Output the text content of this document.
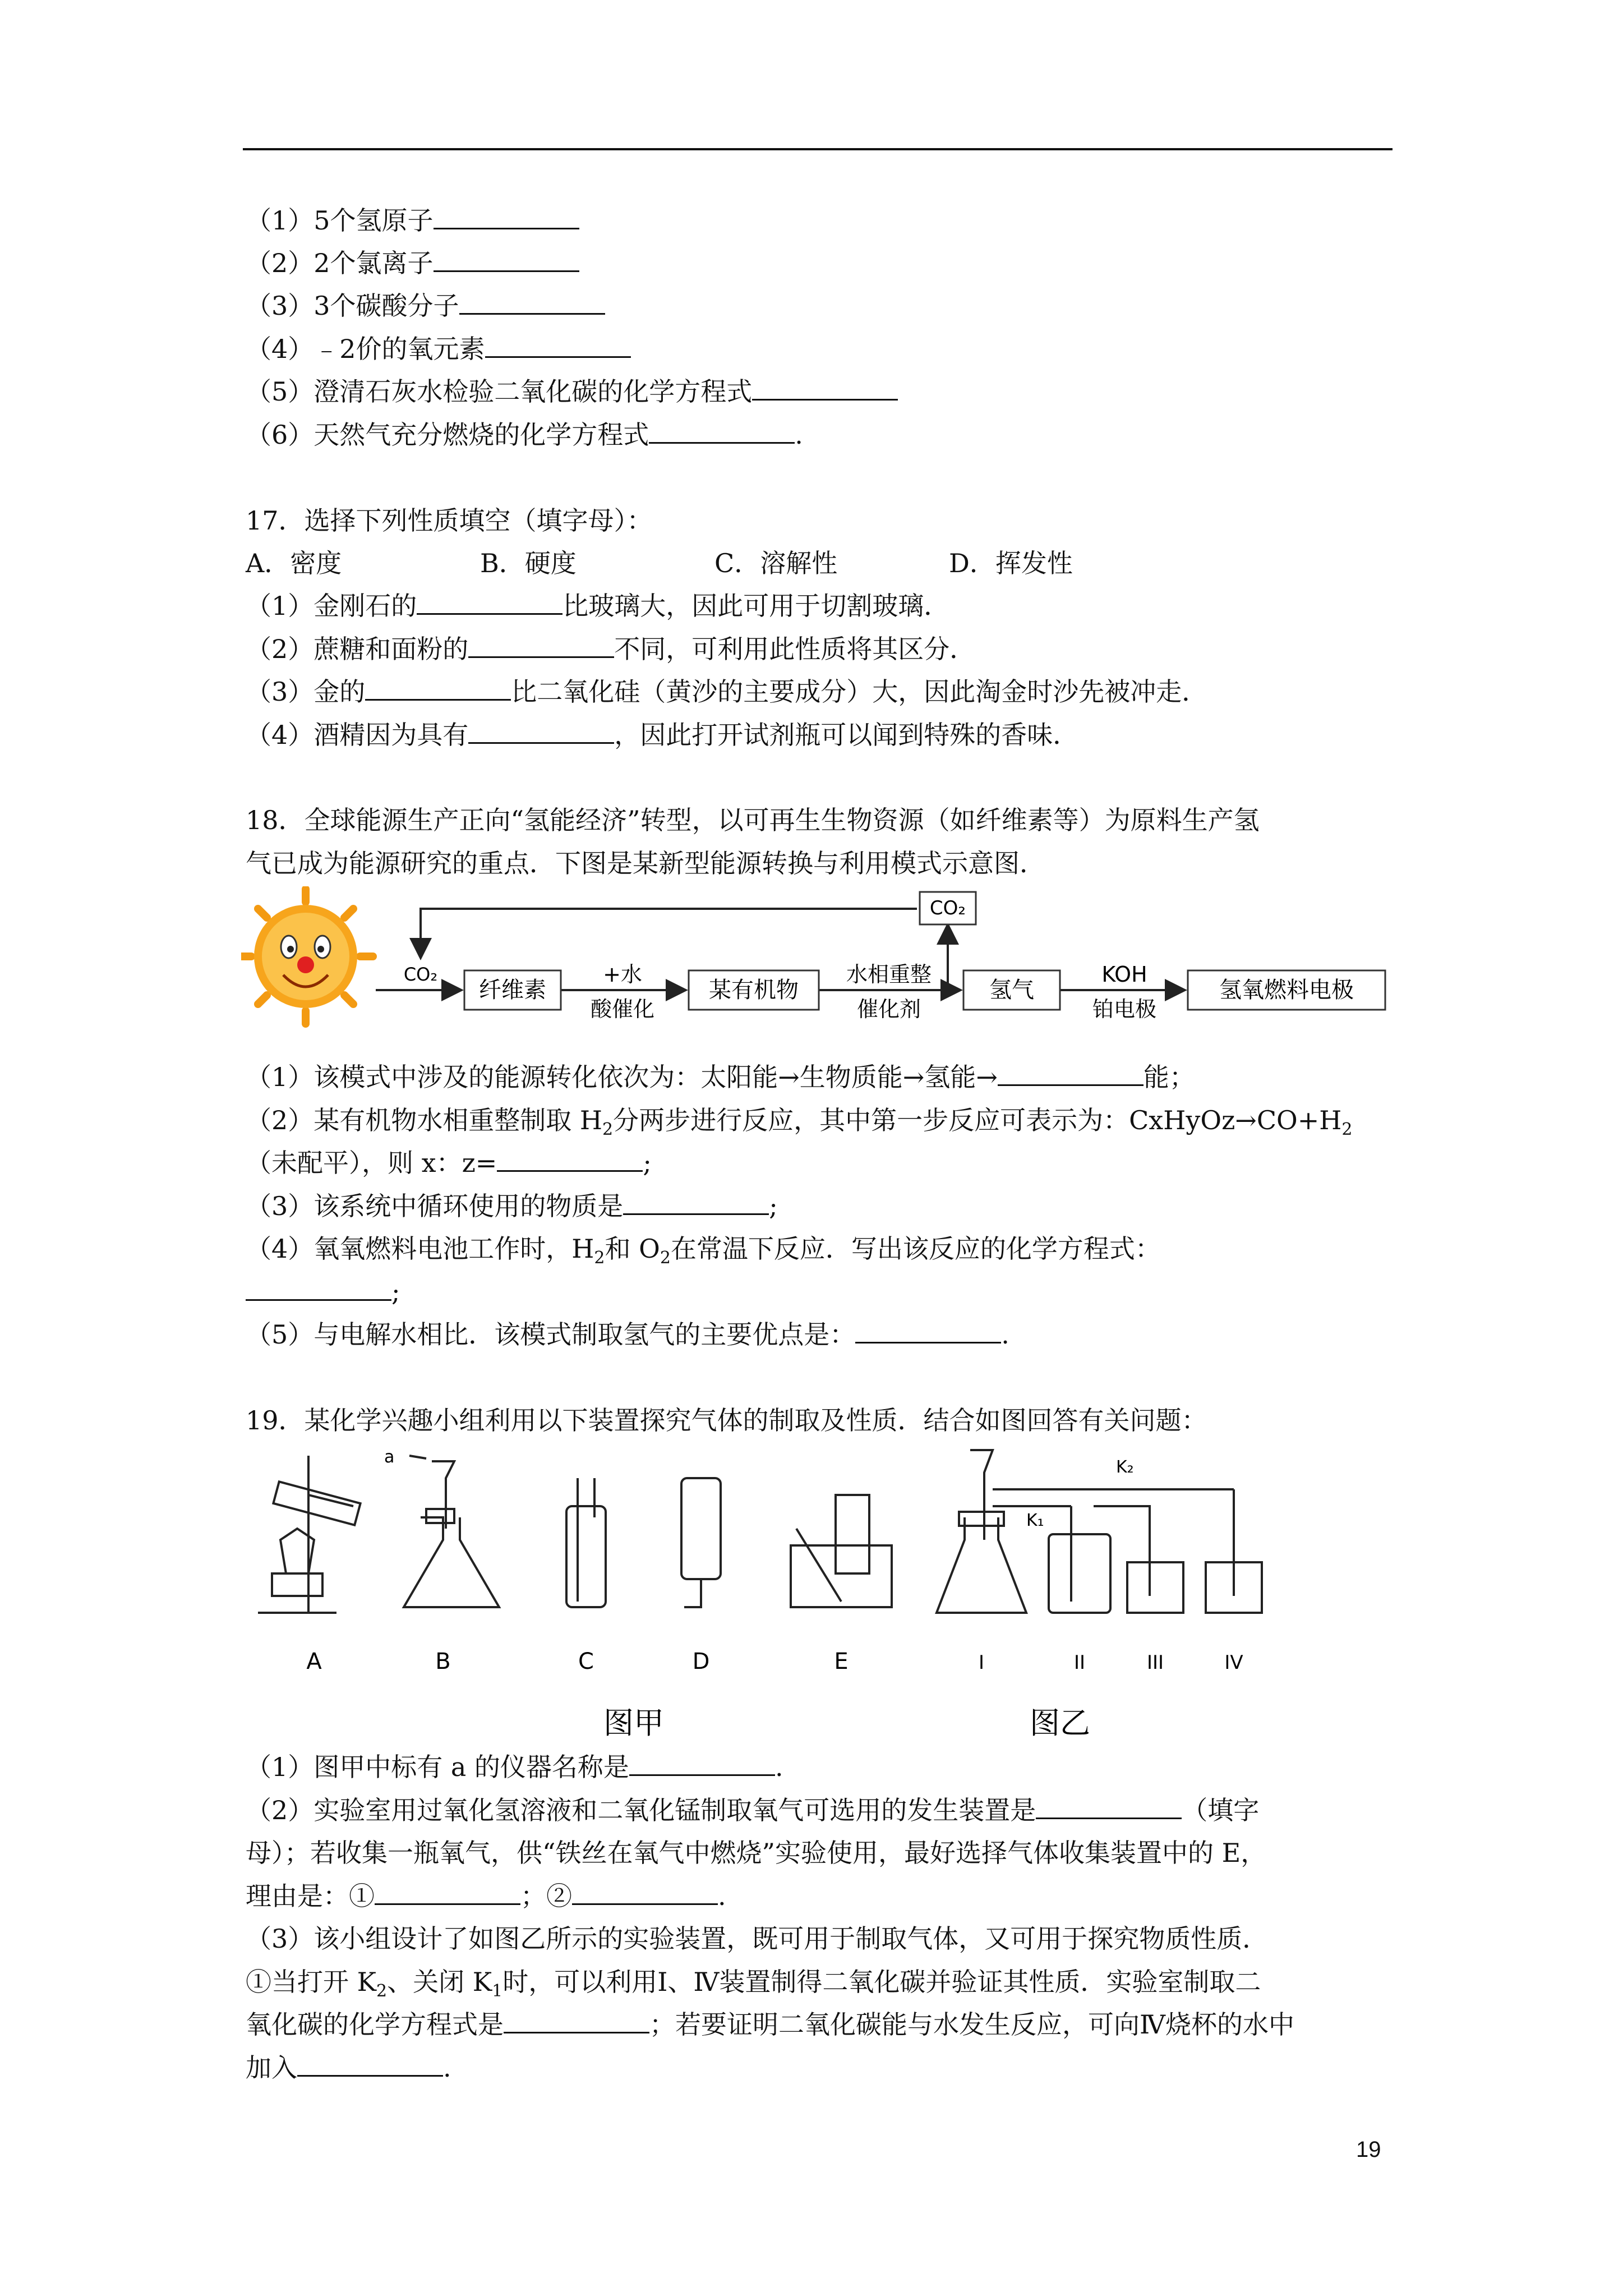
（1）5个氢原子
（2）2个氯离子
（3）3个碳酸分子
（4）﹣2价的氧元素
（5）澄清石灰水检验二氧化碳的化学方程式
（6）天然气充分燃烧的化学方程式	.
17．选择下列性质填空（填字母）：
A．密度	B．硬度	C．溶解性	D．挥发性
（1）金刚石的	比玻璃大，因此可用于切割玻璃．
（2）蔗糖和面粉的	不同，可利用此性质将其区分．
（3）金的	比二氧化硅（黄沙的主要成分）大，因此淘金时沙先被冲走．
（4）酒精因为具有	，因此打开试剂瓶可以闻到特殊的香味．
18．全球能源生产正向“氢能经济”转型，以可再生生物资源（如纤维素等）为原料生产氢
气已成为能源研究的重点．下图是某新型能源转换与利用模式示意图．
CO₂
CO₂
纤维素
+水
酸催化
某有机物
水相重整
催化剂
氢气
KOH
铂电极
氢氧燃料电极
（1）该模式中涉及的能源转化依次为：太阳能→生物质能→氢能→	能；
（2）某有机物水相重整制取 $H_2$分两步进行反应，其中第一步反应可表示为：$CxHyOz\to CO+H_2$
（未配平），则 x：z=	;
（3）该系统中循环使用的物质是	;
（4）氧氧燃料电池工作时，$H_2$和 $O_2$在常温下反应．写出该反应的化学方程式：
;
（5）与电解水相比．该模式制取氢气的主要优点是：	.
19．某化学兴趣小组利用以下装置探究气体的制取及性质．结合如图回答有关问题：
A	B	C	D	E	I	II	III	IV
a
K₁
K₂
图甲	图乙
（1）图甲中标有 a 的仪器名称是	.
（2）实验室用过氧化氢溶液和二氧化锰制取氧气可选用的发生装置是	（填字
母）；若收集一瓶氧气，供“铁丝在氧气中燃烧”实验使用，最好选择气体收集装置中的 E，
理由是：①	；②	.
（3）该小组设计了如图乙所示的实验装置，既可用于制取气体，又可用于探究物质性质．
①当打开 $K_2$、关闭 $K_1$时，可以利用Ⅰ、Ⅳ装置制得二氧化碳并验证其性质．实验室制取二
氧化碳的化学方程式是	；若要证明二氧化碳能与水发生反应，可向Ⅳ烧杯的水中
加入	.
19
